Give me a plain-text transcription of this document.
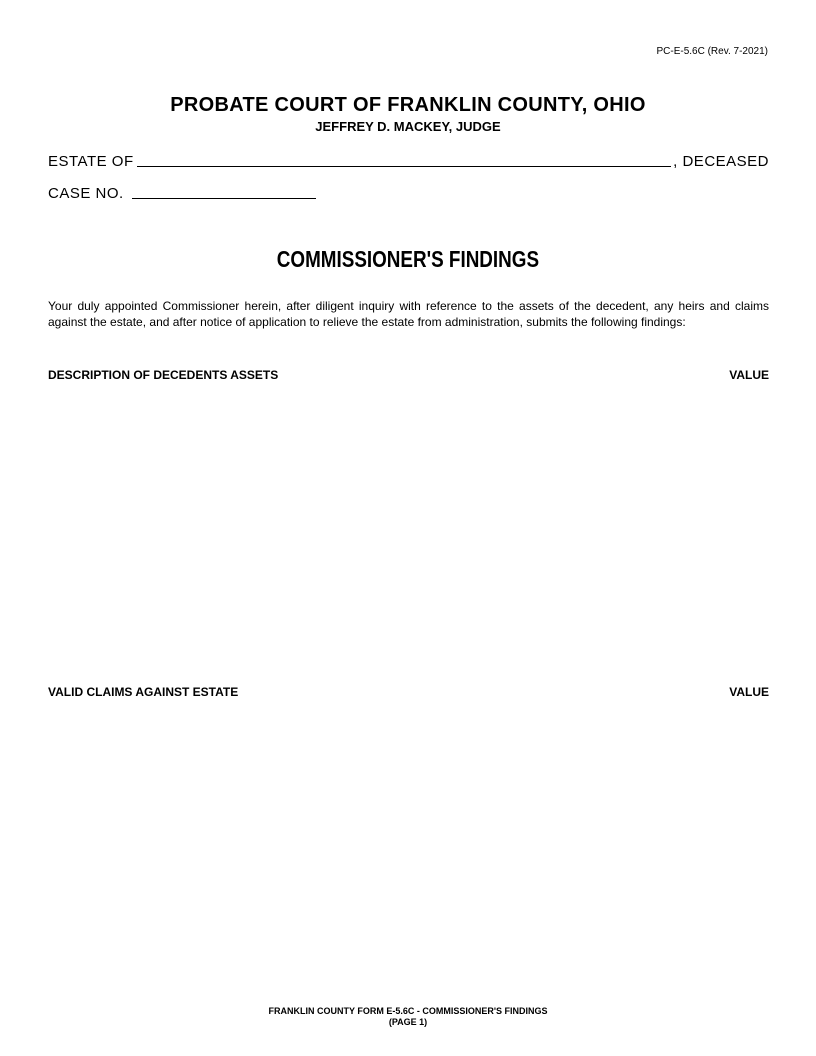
PC-E-5.6C (Rev. 7-2021)
PROBATE COURT OF FRANKLIN COUNTY, OHIO
JEFFREY D. MACKEY, JUDGE
ESTATE OF	, DECEASED
CASE NO.
COMMISSIONER'S FINDINGS
Your duly appointed Commissioner herein, after diligent inquiry with reference to the assets of the decedent, any heirs and claims against the estate, and after notice of application to relieve the estate from administration, submits the following findings:
DESCRIPTION OF DECEDENTS ASSETS	VALUE
VALID CLAIMS AGAINST ESTATE	VALUE
FRANKLIN COUNTY FORM E-5.6C - COMMISSIONER'S FINDINGS
(PAGE 1)
